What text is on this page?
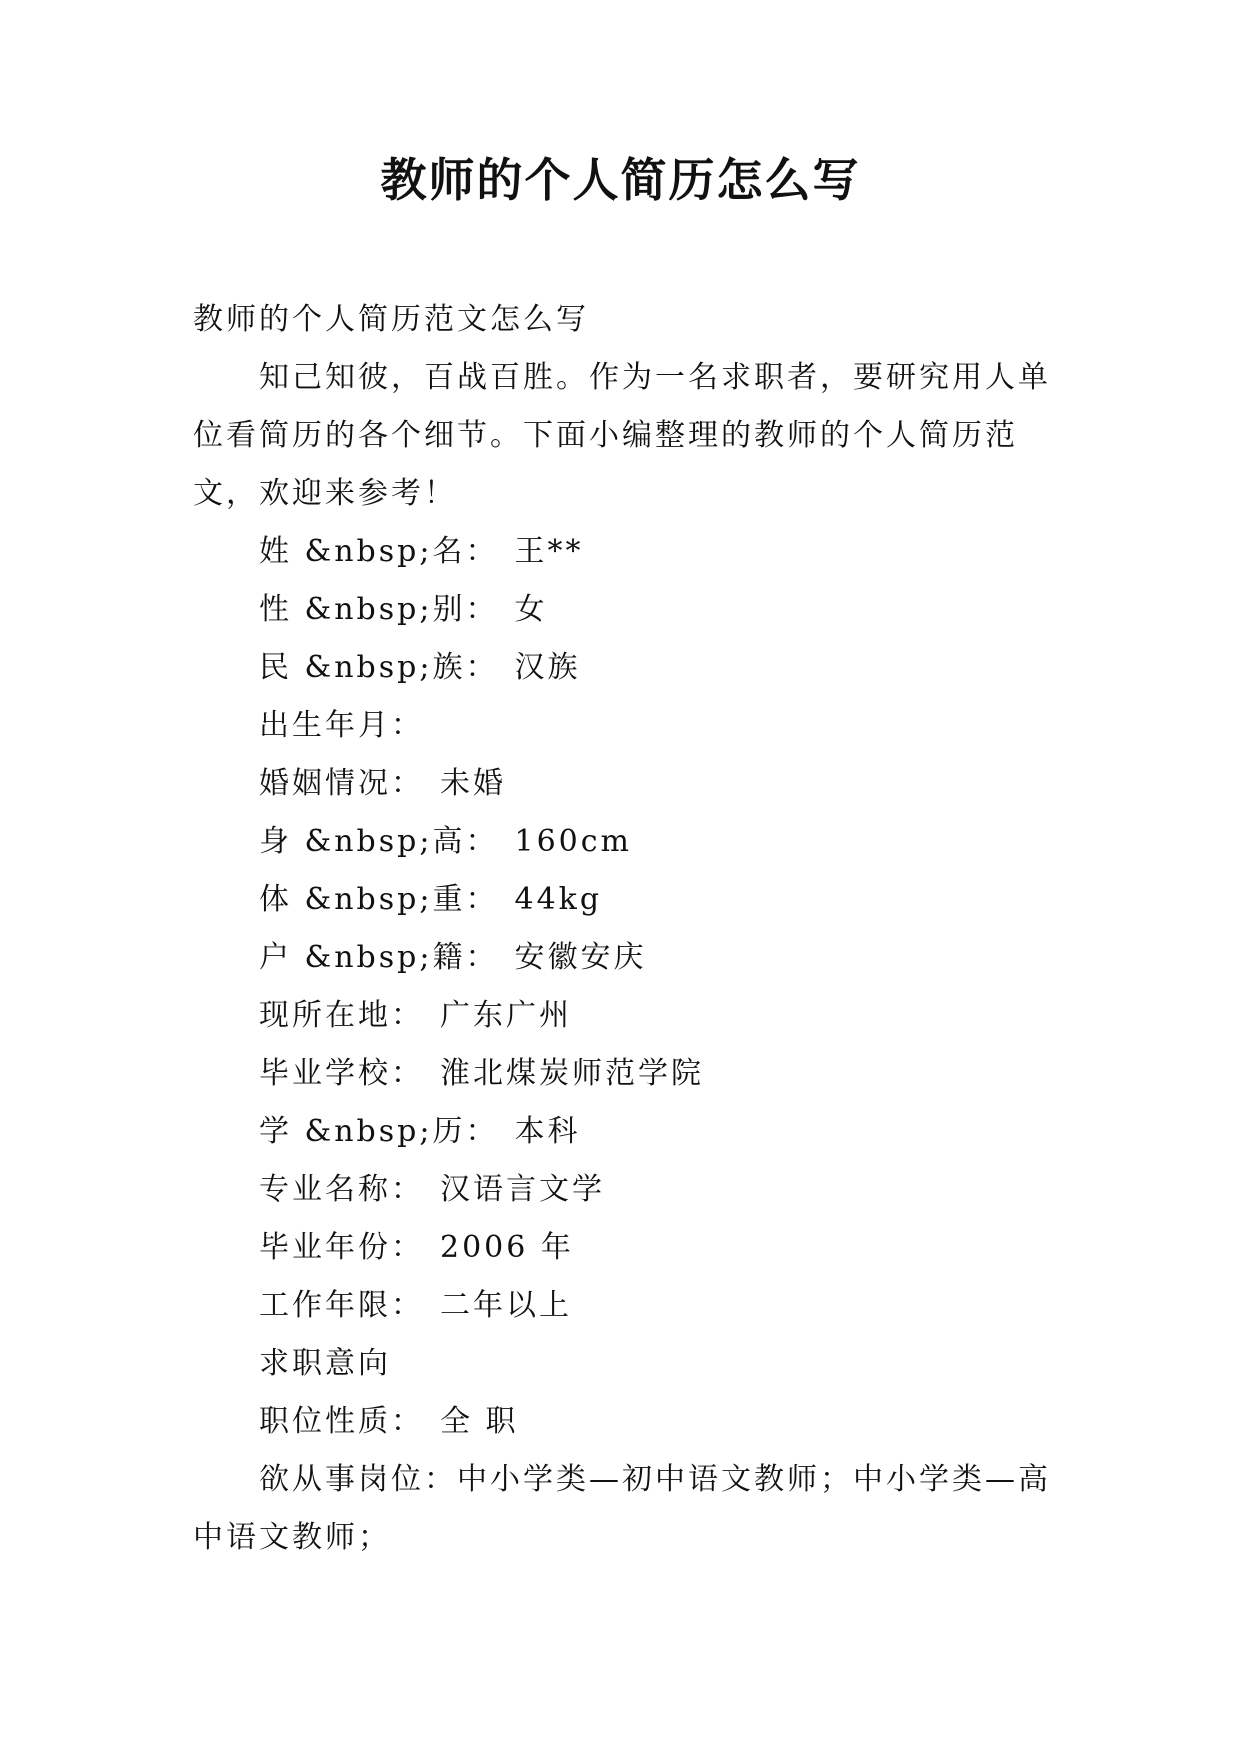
教师的个人简历怎么写

教师的个人简历范文怎么写

知己知彼，百战百胜。作为一名求职者，要研究用人单位看简历的各个细节。下面小编整理的教师的个人简历范文，欢迎来参考！

姓 &nbsp;名： 王**

性 &nbsp;别： 女

民 &nbsp;族： 汉族

出生年月：

婚姻情况： 未婚

身 &nbsp;高： 160cm

体 &nbsp;重： 44kg

户 &nbsp;籍： 安徽安庆

现所在地： 广东广州

毕业学校： 淮北煤炭师范学院

学 &nbsp;历： 本科

专业名称： 汉语言文学

毕业年份： 2006 年

工作年限： 二年以上

求职意向

职位性质： 全 职

欲从事岗位：中小学类—初中语文教师；中小学类—高中语文教师；
